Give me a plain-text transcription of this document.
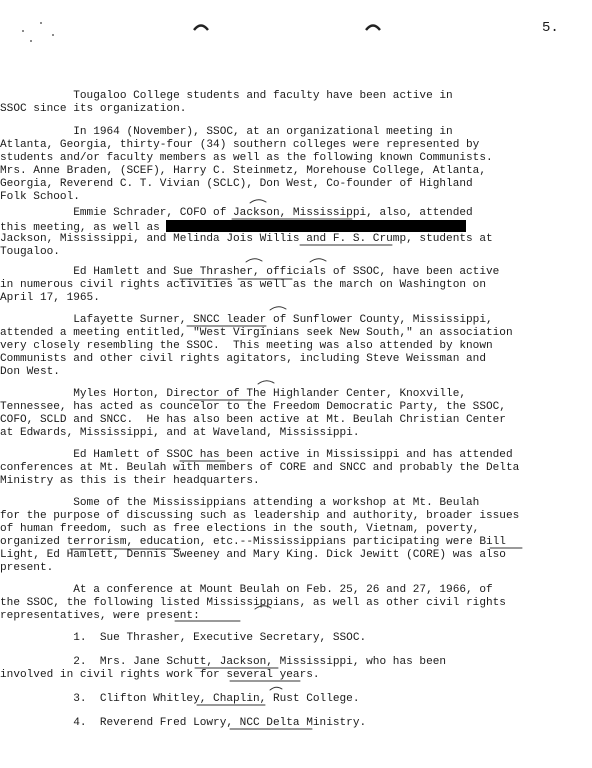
5.
Tougaloo College students and faculty have been active in
SSOC since its organization.
In 1964 (November), SSOC, at an organizational meeting in
Atlanta, Georgia, thirty-four (34) southern colleges were represented by
students and/or faculty members as well as the following known Communists.
Mrs. Anne Braden, (SCEF), Harry C. Steinmetz, Morehouse College, Atlanta,
Georgia, Reverend C. T. Vivian (SCLC), Don West, Co-founder of Highland
Folk School.
Emmie Schrader, COFO of Jackson, Mississippi, also, attended
this meeting, as well as
Jackson, Mississippi, and Melinda Jois Willis and F. S. Crump, students at
Tougaloo.
Ed Hamlett and Sue Thrasher, officials of SSOC, have been active
in numerous civil rights activities as well as the march on Washington on
April 17, 1965.
Lafayette Surner, SNCC leader of Sunflower County, Mississippi,
attended a meeting entitled, "West Virginians seek New South," an association
very closely resembling the SSOC.  This meeting was also attended by known
Communists and other civil rights agitators, including Steve Weissman and
Don West.
Myles Horton, Director of The Highlander Center, Knoxville,
Tennessee, has acted as councelor to the Freedom Democratic Party, the SSOC,
COFO, SCLD and SNCC.  He has also been active at Mt. Beulah Christian Center
at Edwards, Mississippi, and at Waveland, Mississippi.
Ed Hamlett of SSOC has been active in Mississippi and has attended
conferences at Mt. Beulah with members of CORE and SNCC and probably the Delta
Ministry as this is their headquarters.
Some of the Mississippians attending a workshop at Mt. Beulah
for the purpose of discussing such as leadership and authority, broader issues
of human freedom, such as free elections in the south, Vietnam, poverty,
organized terrorism, education, etc.--Mississippians participating were Bill
Light, Ed Hamlett, Dennis Sweeney and Mary King. Dick Jewitt (CORE) was also
present.
At a conference at Mount Beulah on Feb. 25, 26 and 27, 1966, of
the SSOC, the following listed Mississippians, as well as other civil rights
representatives, were present:
1.  Sue Thrasher, Executive Secretary, SSOC.
2.  Mrs. Jane Schutt, Jackson, Mississippi, who has been
involved in civil rights work for several years.
3.  Clifton Whitley, Chaplin, Rust College.
4.  Reverend Fred Lowry, NCC Delta Ministry.
